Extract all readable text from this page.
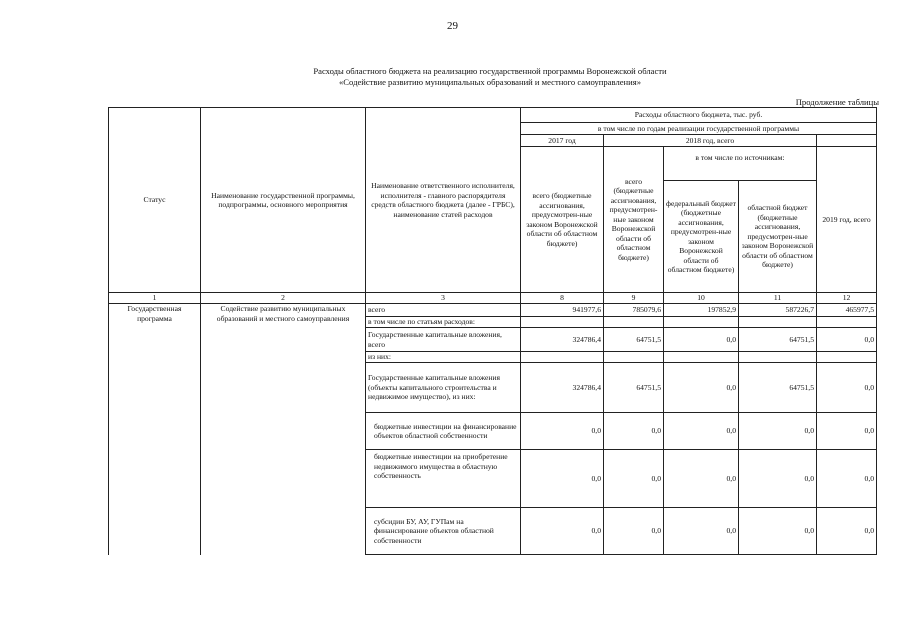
29
Расходы областного бюджета на реализацию государственной программы Воронежской области
«Содействие развитию муниципальных образований и местного самоуправления»
Продолжение таблицы
Статус	Наименование государственной программы, подпрограммы, основного мероприятия	Наименование ответственного исполнителя, исполнителя - главного распорядителя средств областного бюджета (далее - ГРБС), наименование статей расходов	Расходы областного бюджета, тыс. руб.				
			в том числе по годам реализации государственной программы				
			2017 год	2018 год, всего			
			всего (бюджетные ассигнования, предусмотрен-ные законом Воронежской области об областном бюджете)	всего (бюджетные ассигнования, предусмотрен-ные законом Воронежской области об областном бюджете)	в том числе по источникам:		2019 год, всего
					федеральный бюджет (бюджетные ассигнования, предусмотрен-ные законом Воронежской области об областном бюджете)	областной бюджет (бюджетные ассигнования, предусмотрен-ные законом Воронежской области об областном бюджете)	

1	2	3	8	9	10	11	12
Государственная программа	Содействие развитию муниципальных образований и местного самоуправления	всего	941977,6	785079,6	197852,9	587226,7	465977,5
		в том числе по статьям расходов:					
		Государственные капитальные вложения, всего	324786,4	64751,5	0,0	64751,5	0,0
		из них:					
		Государственные капитальные вложения (объекты капитального строительства и недвижимое имущество), из них:	324786,4	64751,5	0,0	64751,5	0,0
		бюджетные инвестиции на финансирование объектов областной собственности	0,0	0,0	0,0	0,0	0,0
		бюджетные инвестиции на приобретение недвижимого имущества в областную собственность	0,0	0,0	0,0	0,0	0,0
		субсидии БУ, АУ, ГУПам на финансирование объектов областной собственности	0,0	0,0	0,0	0,0	0,0
